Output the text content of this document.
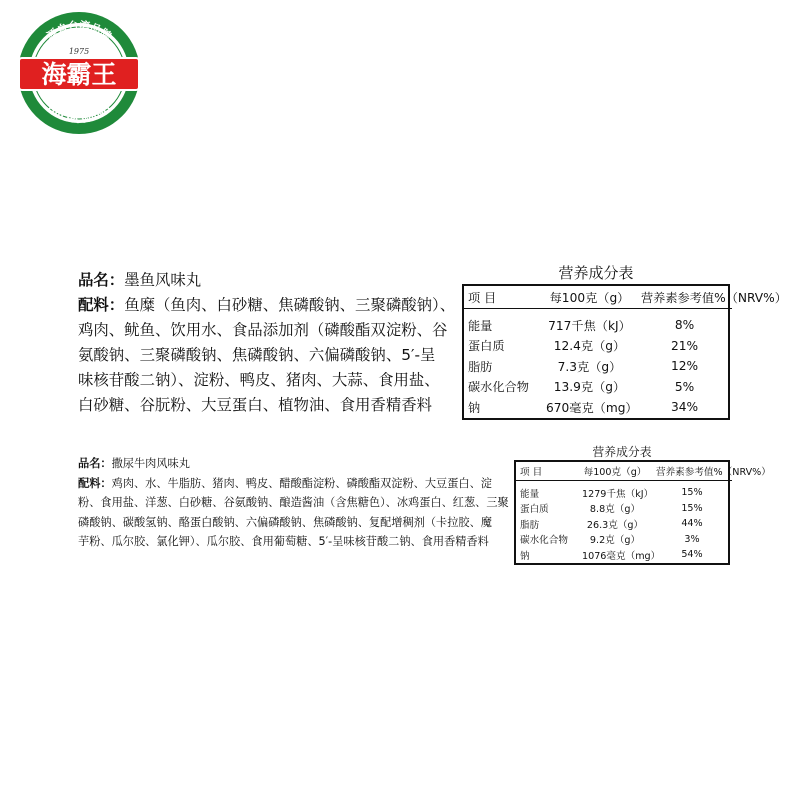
源自台湾品牌
1975
海霸王
HAI PA WANG

品名：墨鱼风味丸

配料：鱼糜（鱼肉、白砂糖、焦磷酸钠、三聚磷酸钠）、

鸡肉、鱿鱼、饮用水、食品添加剂（磷酸酯双淀粉、谷

氨酸钠、三聚磷酸钠、焦磷酸钠、六偏磷酸钠、5′-呈

味核苷酸二钠）、淀粉、鸭皮、猪肉、大蒜、食用盐、

白砂糖、谷朊粉、大豆蛋白、植物油、食用香精香料

营养成分表
项 目	每100克（g）	营养素参考值%（NRV%）
能量	717千焦（kJ）	8%
蛋白质	12.4克（g）	21%
脂肪	7.3克（g）	12%
碳水化合物	13.9克（g）	5%
钠	670毫克（mg）	34%

品名：撒尿牛肉风味丸

配料：鸡肉、水、牛脂肪、猪肉、鸭皮、醋酸酯淀粉、磷酸酯双淀粉、大豆蛋白、淀

粉、食用盐、洋葱、白砂糖、谷氨酸钠、酿造酱油（含焦糖色）、冰鸡蛋白、红葱、三聚

磷酸钠、碳酸氢钠、酪蛋白酸钠、六偏磷酸钠、焦磷酸钠、复配增稠剂（卡拉胶、魔

芋粉、瓜尔胶、氯化钾）、瓜尔胶、食用葡萄糖、5′-呈味核苷酸二钠、食用香精香料

营养成分表
项 目	每100克（g）	营养素参考值%（NRV%）
能量	1279千焦（kJ）	15%
蛋白质	8.8克（g）	15%
脂肪	26.3克（g）	44%
碳水化合物	9.2克（g）	3%
钠	1076毫克（mg）	54%
